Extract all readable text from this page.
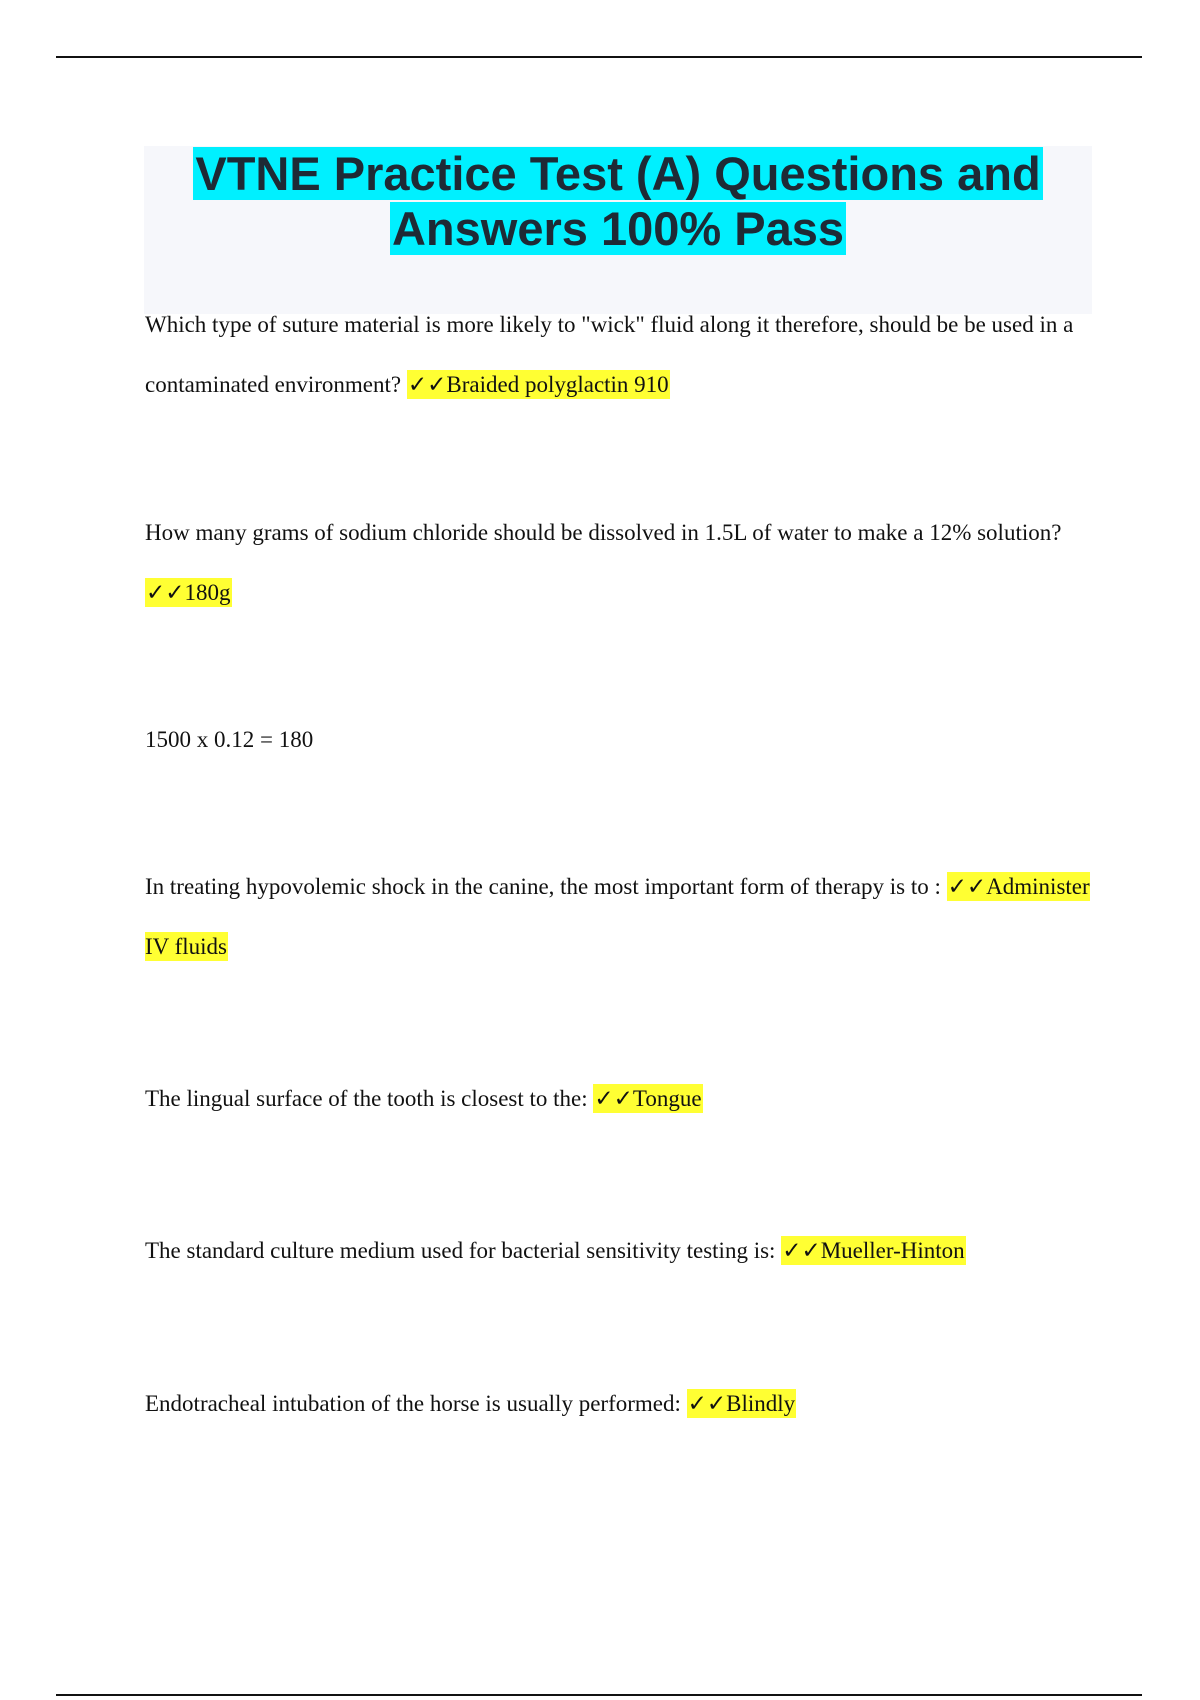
VTNE Practice Test (A) Questions and
Answers 100% Pass

Which type of suture material is more likely to "wick" fluid along it therefore, should be be used in a contaminated environment? ✓✓Braided polyglactin 910

How many grams of sodium chloride should be dissolved in 1.5L of water to make a 12% solution? ✓✓180g

1500 x 0.12 = 180

In treating hypovolemic shock in the canine, the most important form of therapy is to : ✓✓Administer IV fluids

The lingual surface of the tooth is closest to the: ✓✓Tongue

The standard culture medium used for bacterial sensitivity testing is: ✓✓Mueller-Hinton

Endotracheal intubation of the horse is usually performed: ✓✓Blindly
